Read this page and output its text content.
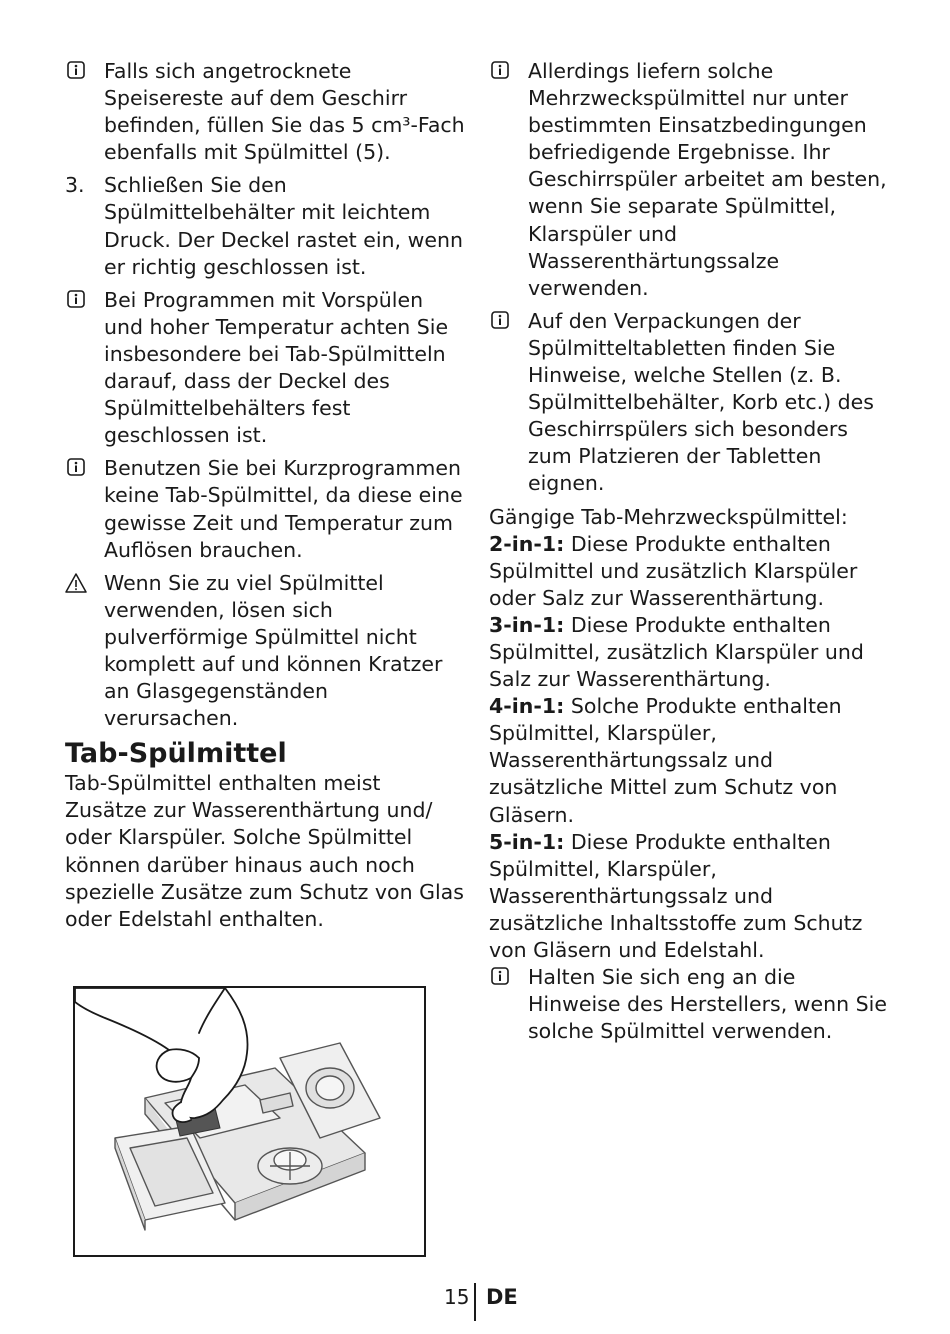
Falls sich angetrocknete Speisereste auf dem Geschirr befinden, füllen Sie das 5 cm³-Fach ebenfalls mit Spülmittel (5).
3. Schließen Sie den Spülmittelbehälter mit leichtem Druck. Der Deckel rastet ein, wenn er richtig geschlossen ist.
Bei Programmen mit Vorspülen und hoher Temperatur achten Sie insbesondere bei Tab-Spülmitteln darauf, dass der Deckel des Spülmittelbehälters fest geschlossen ist.
Benutzen Sie bei Kurzprogrammen keine Tab-Spülmittel, da diese eine gewisse Zeit und Temperatur zum Auflösen brauchen.
Wenn Sie zu viel Spülmittel verwenden, lösen sich pulverförmige Spülmittel nicht komplett auf und können Kratzer an Glasgegenständen verursachen.
Tab-Spülmittel
Tab-Spülmittel enthalten meist Zusätze zur Wasserenthärtung und/ oder Klarspüler. Solche Spülmittel können darüber hinaus auch noch spezielle Zusätze zum Schutz von Glas oder Edelstahl enthalten.
Allerdings liefern solche Mehrzweckspülmittel nur unter bestimmten Einsatzbedingungen befriedigende Ergebnisse. Ihr Geschirrspüler arbeitet am besten, wenn Sie separate Spülmittel, Klarspüler und Wasserenthärtungssalze verwenden.
Auf den Verpackungen der Spülmitteltabletten finden Sie Hinweise, welche Stellen (z. B. Spülmittelbehälter, Korb etc.) des Geschirrspülers sich besonders zum Platzieren der Tabletten eignen.
Gängige Tab-Mehrzweckspülmittel:
2-in-1: Diese Produkte enthalten Spülmittel und zusätzlich Klarspüler oder Salz zur Wasserenthärtung.
3-in-1: Diese Produkte enthalten Spülmittel, zusätzlich Klarspüler und Salz zur Wasserenthärtung.
4-in-1: Solche Produkte enthalten Spülmittel, Klarspüler, Wasserenthärtungssalz und zusätzliche Mittel zum Schutz von Gläsern.
5-in-1: Diese Produkte enthalten Spülmittel, Klarspüler, Wasserenthärtungssalz und zusätzliche Inhaltsstoffe zum Schutz von Gläsern und Edelstahl.
Halten Sie sich eng an die Hinweise des Herstellers, wenn Sie solche Spülmittel verwenden.
15 DE
